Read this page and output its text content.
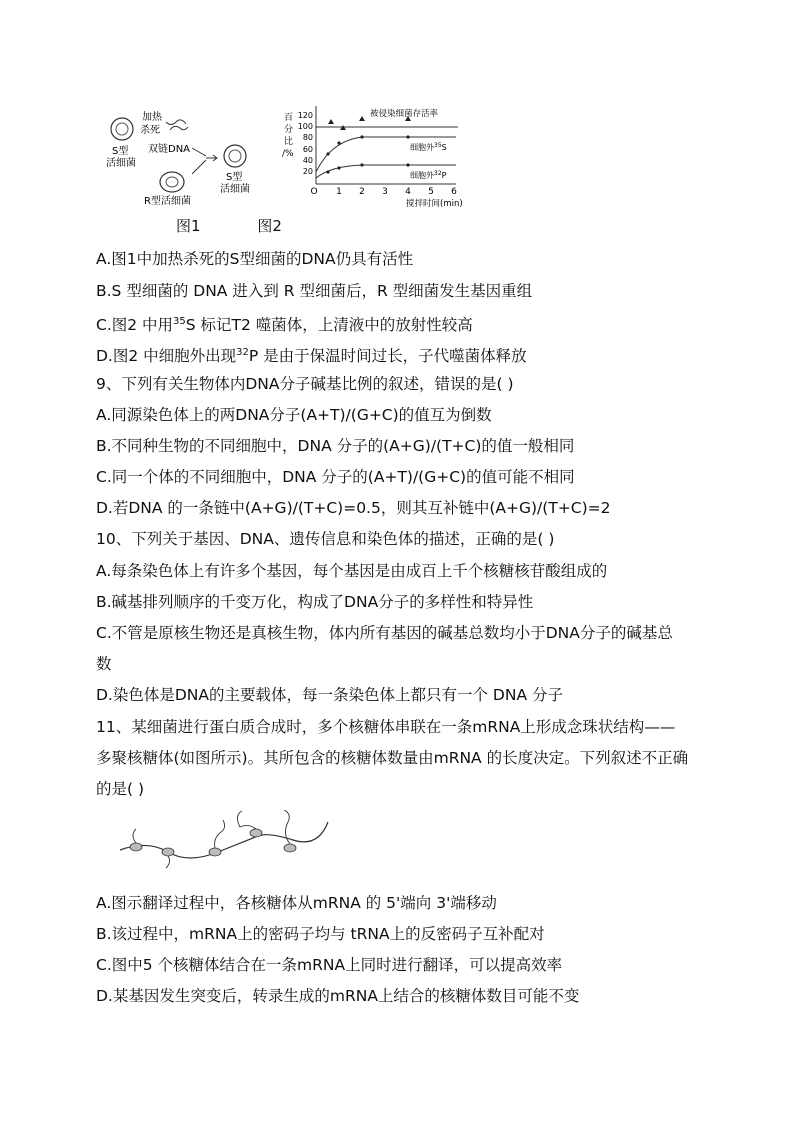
S型
活细菌
加热
杀死
双链DNA
R型活细菌
S型
活细菌
百
分
比
/%
120
100
80
60
40
20
O 1 2 3 4 5 6
搅拌时间(min)
被侵染细菌存活率
细胞外$^{35}$S
细胞外$^{32}$P
图1	图2
A.图1中加热杀死的S型细菌的DNA仍具有活性
B.S 型细菌的 DNA 进入到 R 型细菌后，R 型细菌发生基因重组
C.图2 中用$^{35}$S 标记T2 噬菌体，上清液中的放射性较高
D.图2 中细胞外出现$^{32}$P 是由于保温时间过长，子代噬菌体释放
9、下列有关生物体内DNA分子碱基比例的叙述，错误的是( )
A.同源染色体上的两DNA分子(A+T)/(G+C)的值互为倒数
B.不同种生物的不同细胞中，DNA 分子的(A+G)/(T+C)的值一般相同
C.同一个体的不同细胞中，DNA 分子的(A+T)/(G+C)的值可能不相同
D.若DNA 的一条链中(A+G)/(T+C)=0.5，则其互补链中(A+G)/(T+C)=2
10、下列关于基因、DNA、遗传信息和染色体的描述，正确的是( )
A.每条染色体上有许多个基因，每个基因是由成百上千个核糖核苷酸组成的
B.碱基排列顺序的千变万化，构成了DNA分子的多样性和特异性
C.不管是原核生物还是真核生物，体内所有基因的碱基总数均小于DNA分子的碱基总
数
D.染色体是DNA的主要载体，每一条染色体上都只有一个 DNA 分子
11、某细菌进行蛋白质合成时，多个核糖体串联在一条mRNA上形成念珠状结构——
多聚核糖体(如图所示)。其所包含的核糖体数量由mRNA 的长度决定。下列叙述不正确
的是( )
A.图示翻译过程中，各核糖体从mRNA 的 5'端向 3'端移动
B.该过程中，mRNA上的密码子均与 tRNA上的反密码子互补配对
C.图中5 个核糖体结合在一条mRNA上同时进行翻译，可以提高效率
D.某基因发生突变后，转录生成的mRNA上结合的核糖体数目可能不变
